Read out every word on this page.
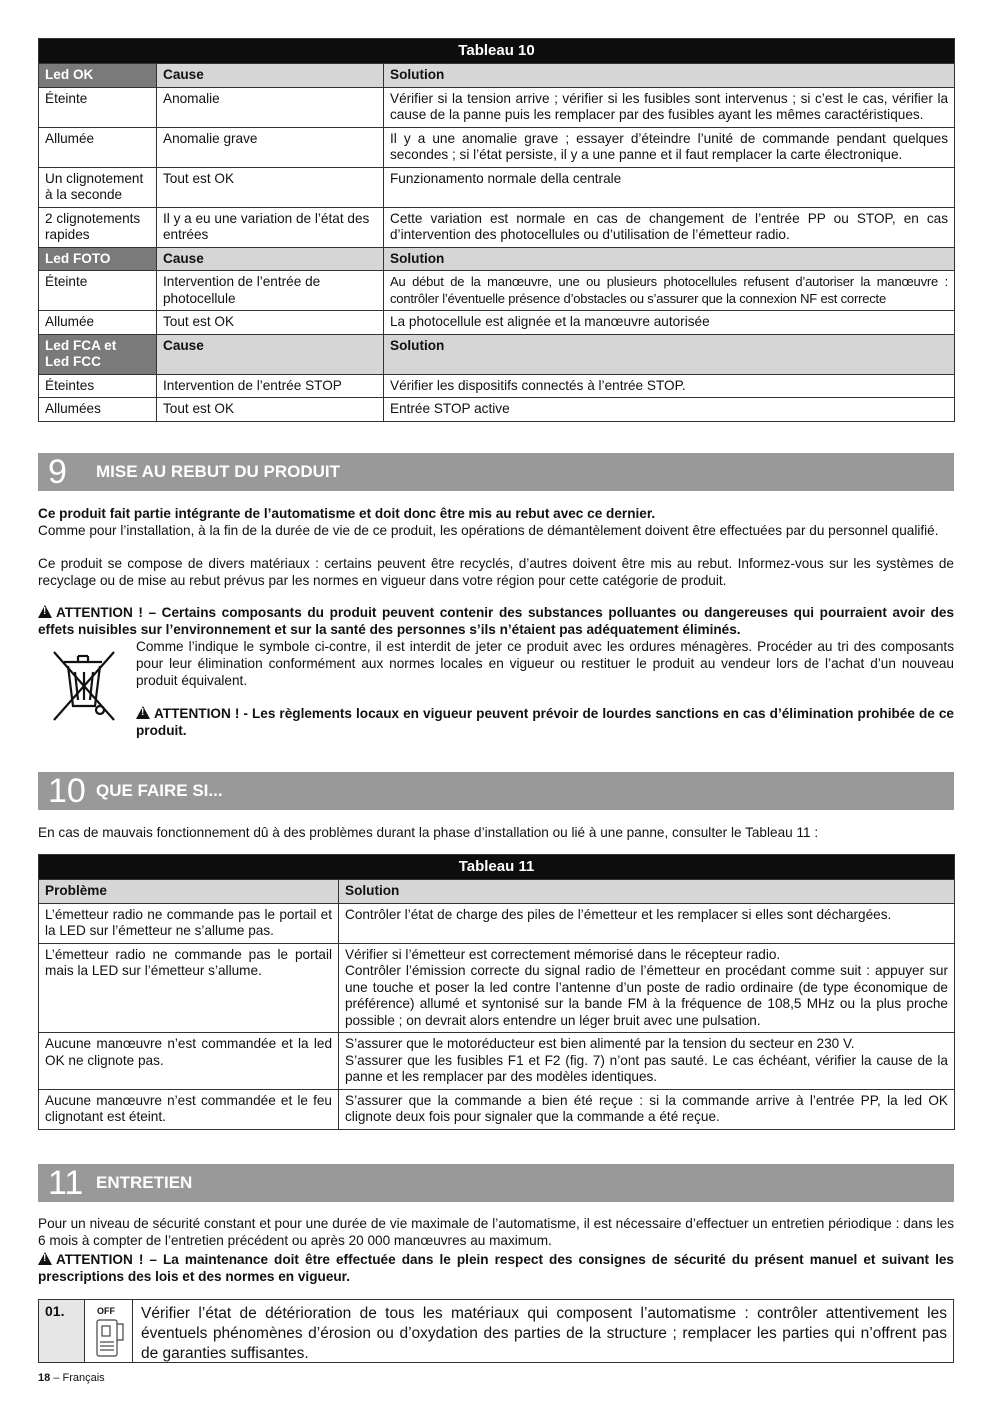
Tableau 10		
Led OK	Cause	Solution
Éteinte	Anomalie	Vérifier si la tension arrive ; vérifier si les fusibles sont intervenus ; si c’est le cas, vérifier la cause de la panne puis les remplacer par des fusibles ayant les mêmes caractéristiques.
Allumée	Anomalie grave	Il y a une anomalie grave ; essayer d’éteindre l’unité de commande pendant quelques secondes ; si l’état persiste, il y a une panne et il faut remplacer la carte électronique.
Un clignotement à la seconde	Tout est OK	Funzionamento normale della centrale
2 clignotements rapides	Il y a eu une variation de l’état des entrées	Cette variation est normale en cas de changement de l’entrée PP ou STOP, en cas d’intervention des photocellules ou d’utilisation de l’émetteur radio.
Led FOTO	Cause	Solution
Éteinte	Intervention de l’entrée de photocellule	Au début de la manœuvre, une ou plusieurs photocellules refusent d’autoriser la manœuvre : contrôler l’éventuelle présence d’obstacles ou s’assurer que la connexion NF est correcte
Allumée	Tout est OK	La photocellule est alignée et la manœuvre autorisée
Led FCA et Led FCC	Cause	Solution
Éteintes	Intervention de l’entrée STOP	Vérifier les dispositifs connectés à l’entrée STOP.
Allumées	Tout est OK	Entrée STOP active
9 MISE AU REBUT DU PRODUIT
Ce produit fait partie intégrante de l’automatisme et doit donc être mis au rebut avec ce dernier.
Comme pour l’installation, à la fin de la durée de vie de ce produit, les opérations de démantèlement doivent être effectuées par du personnel qualifié.
Ce produit se compose de divers matériaux : certains peuvent être recyclés, d’autres doivent être mis au rebut. Informez-vous sur les systèmes de recyclage ou de mise au rebut prévus par les normes en vigueur dans votre région pour cette catégorie de produit.
!ATTENTION ! – Certains composants du produit peuvent contenir des substances polluantes ou dangereuses qui pourraient avoir des effets nuisibles sur l’environnement et sur la santé des personnes s’ils n’étaient pas adéquatement éliminés.
Comme l’indique le symbole ci-contre, il est interdit de jeter ce produit avec les ordures ménagères. Procéder au tri des composants pour leur élimination conformément aux normes locales en vigueur ou restituer le produit au vendeur lors de l’achat d’un nouveau produit équivalent.
!ATTENTION ! - Les règlements locaux en vigueur peuvent prévoir de lourdes sanctions en cas d’élimination prohibée de ce produit.
10 QUE FAIRE SI...
En cas de mauvais fonctionnement dû à des problèmes durant la phase d’installation ou lié à une panne, consulter le Tableau 11 :
Tableau 11	
Problème	Solution
L’émetteur radio ne commande pas le portail et la LED sur l’émetteur ne s’allume pas.	Contrôler l’état de charge des piles de l’émetteur et les remplacer si elles sont déchargées.
L’émetteur radio ne commande pas le portail mais la LED sur l’émetteur s’allume.	Vérifier si l’émetteur est correctement mémorisé dans le récepteur radio.
Contrôler l’émission correcte du signal radio de l’émetteur en procédant comme suit : appuyer sur une touche et poser la led contre l’antenne d’un poste de radio ordinaire (de type économique de préférence) allumé et syntonisé sur la bande FM à la fréquence de 108,5 MHz ou la plus proche possible ; on devrait alors entendre un léger bruit avec une pulsation.
Aucune manœuvre n’est commandée et la led OK ne clignote pas.	S’assurer que le motoréducteur est bien alimenté par la tension du secteur en 230 V.
S’assurer que les fusibles F1 et F2 (fig. 7) n’ont pas sauté. Le cas échéant, vérifier la cause de la panne et les remplacer par des modèles identiques.
Aucune manœuvre n’est commandée et le feu clignotant est éteint.	S’assurer que la commande a bien été reçue : si la commande arrive à l’entrée PP, la led OK clignote deux fois pour signaler que la commande a été reçue.
11 ENTRETIEN
Pour un niveau de sécurité constant et pour une durée de vie maximale de l’automatisme, il est nécessaire d’effectuer un entretien périodique : dans les 6 mois à compter de l’entretien précédent ou après 20 000 manœuvres au maximum.
!ATTENTION ! – La maintenance doit être effectuée dans le plein respect des consignes de sécurité du présent manuel et suivant les prescriptions des lois et des normes en vigueur.
01.	OFF Vérifier l’état de détérioration de tous les matériaux qui composent l’automatisme : contrôler attentivement les éventuels phénomènes d’érosion ou d’oxydation des parties de la structure ; remplacer les parties qui n’offrent pas de garanties suffisantes.
18 – Français
